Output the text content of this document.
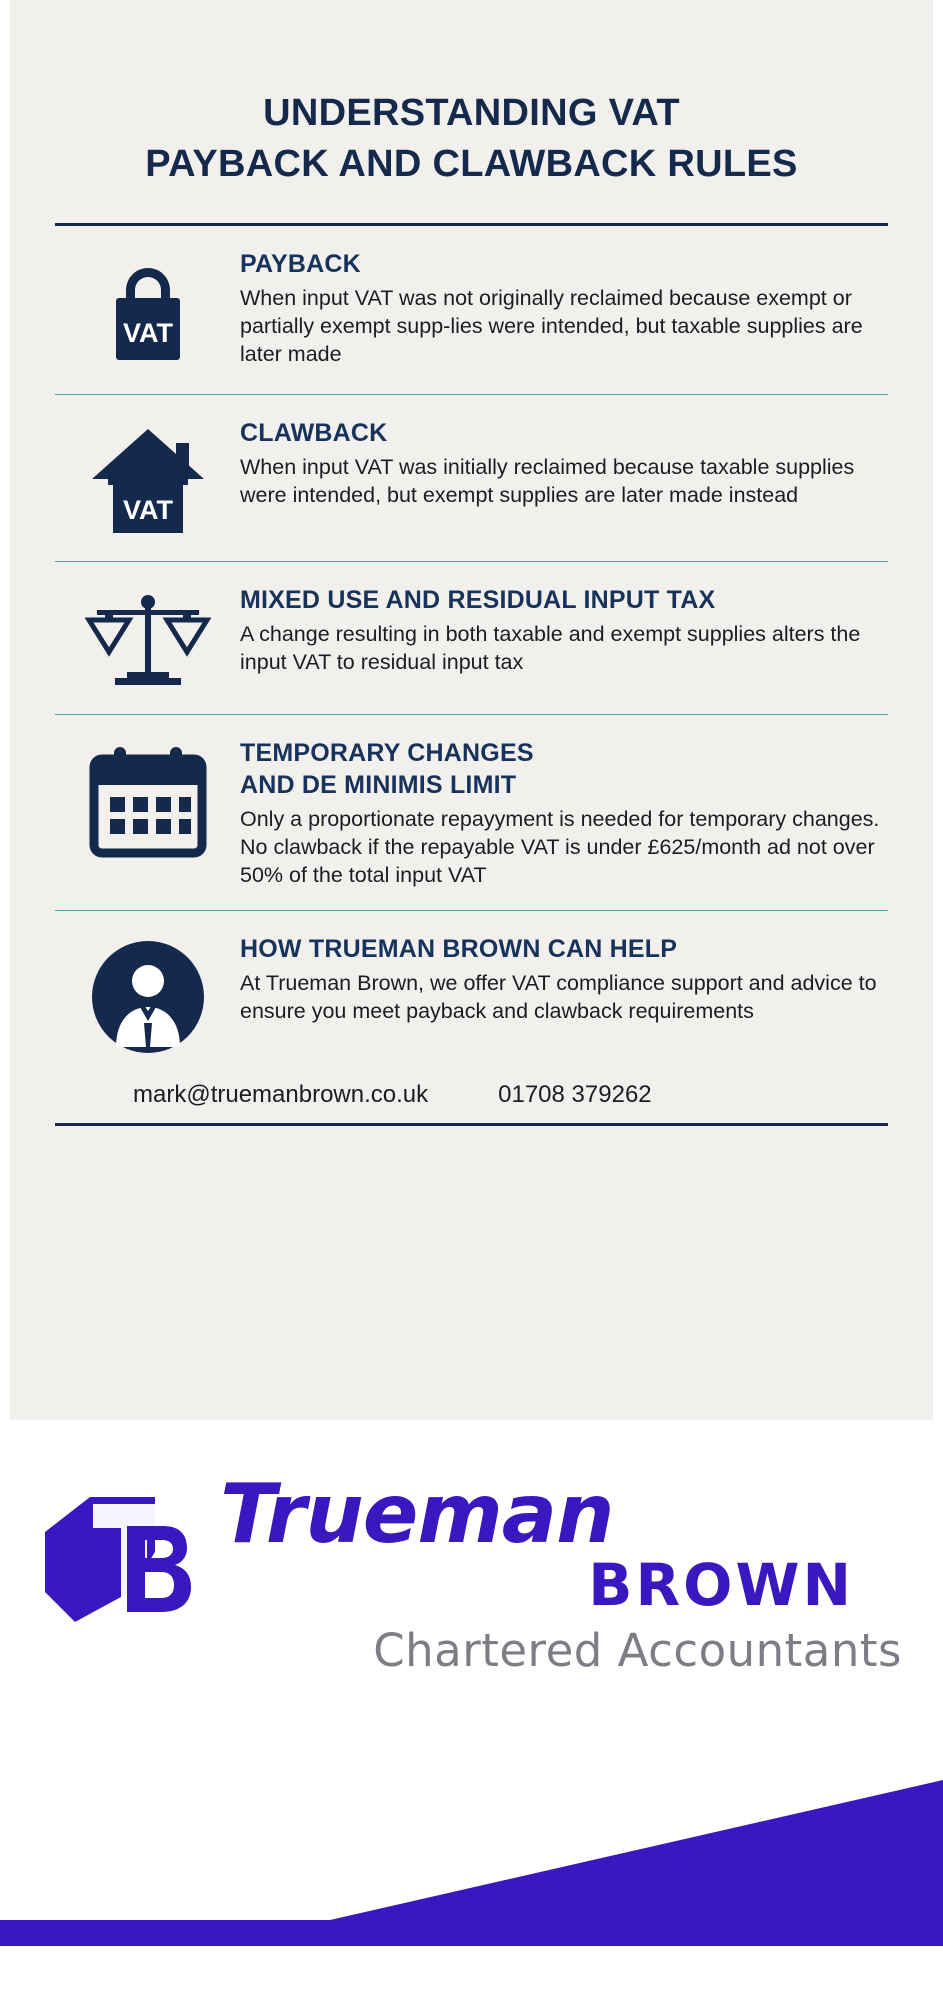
UNDERSTANDING VAT
PAYBACK AND CLAWBACK RULES
VAT

PAYBACK

When input VAT was not originally reclaimed because exempt or partially exempt supp-lies were intended, but taxable supplies are later made

VAT

CLAWBACK

When input VAT was initially reclaimed because taxable supplies were intended, but exempt supplies are later made instead

MIXED USE AND RESIDUAL INPUT TAX

A change resulting in both taxable and exempt supplies alters the input VAT to residual input tax

TEMPORARY CHANGES
AND DE MINIMIS LIMIT

Only a proportionate repayyment is needed for temporary changes. No clawback if the repayable VAT is under £625/month ad not over 50% of the total input VAT

HOW TRUEMAN BROWN CAN HELP

At Trueman Brown, we offer VAT compliance support and advice to ensure you meet payback and clawback requirements

mark@truemanbrown.co.uk	01708 379262

Trueman

BROWN

Chartered Accountants
